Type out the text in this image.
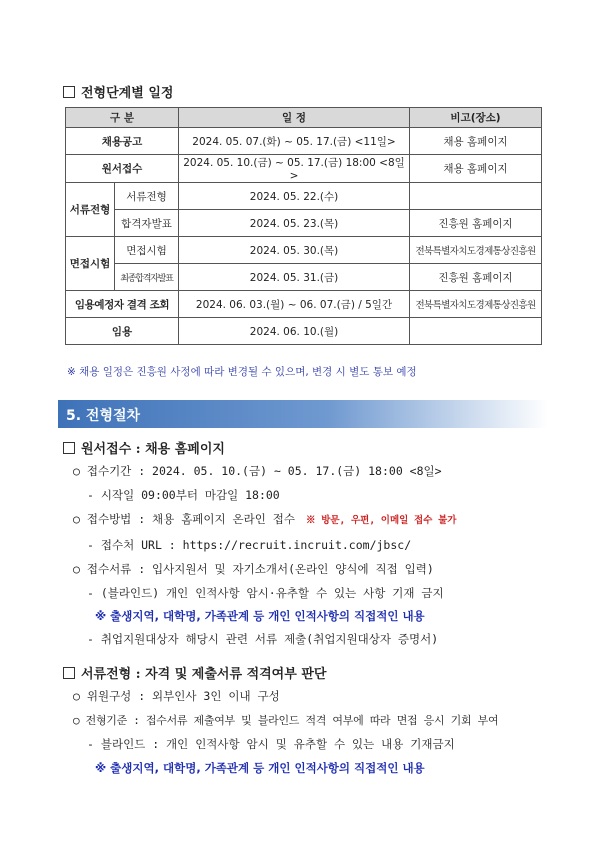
전형단계별 일정
구 분		일 정	비고(장소)
채용공고		2024. 05. 07.(화) ~ 05. 17.(금) <11일>	채용 홈페이지
원서접수		2024. 05. 10.(금) ~ 05. 17.(금) 18:00 <8일>	채용 홈페이지
서류전형	서류전형	2024. 05. 22.(수)	
	합격자발표	2024. 05. 23.(목)	진흥원 홈페이지
면접시험	면접시험	2024. 05. 30.(목)	전북특별자치도경제통상진흥원
	최종합격자발표	2024. 05. 31.(금)	진흥원 홈페이지
임용예정자 결격 조회		2024. 06. 03.(월) ~ 06. 07.(금) / 5일간	전북특별자치도경제통상진흥원
임용		2024. 06. 10.(월)	
※ 채용 일정은 진흥원 사정에 따라 변경될 수 있으며, 변경 시 별도 통보 예정
5. 전형절차
원서접수 : 채용 홈페이지
○ 접수기간 : 2024. 05. 10.(금) ~ 05. 17.(금) 18:00 <8일>
- 시작일 09:00부터 마감일 18:00
○ 접수방법 : 채용 홈페이지 온라인 접수 ※ 방문, 우편, 이메일 접수 불가
- 접수처 URL : https://recruit.incruit.com/jbsc/
○ 접수서류 : 입사지원서 및 자기소개서(온라인 양식에 직접 입력)
- (블라인드) 개인 인적사항 암시·유추할 수 있는 사항 기재 금지
※ 출생지역, 대학명, 가족관계 등 개인 인적사항의 직접적인 내용
- 취업지원대상자 해당시 관련 서류 제출(취업지원대상자 증명서)
서류전형 : 자격 및 제출서류 적격여부 판단
○ 위원구성 : 외부인사 3인 이내 구성
○ 전형기준 : 접수서류 제출여부 및 블라인드 적격 여부에 따라 면접 응시 기회 부여
- 블라인드 : 개인 인적사항 암시 및 유추할 수 있는 내용 기재금지
※ 출생지역, 대학명, 가족관계 등 개인 인적사항의 직접적인 내용
